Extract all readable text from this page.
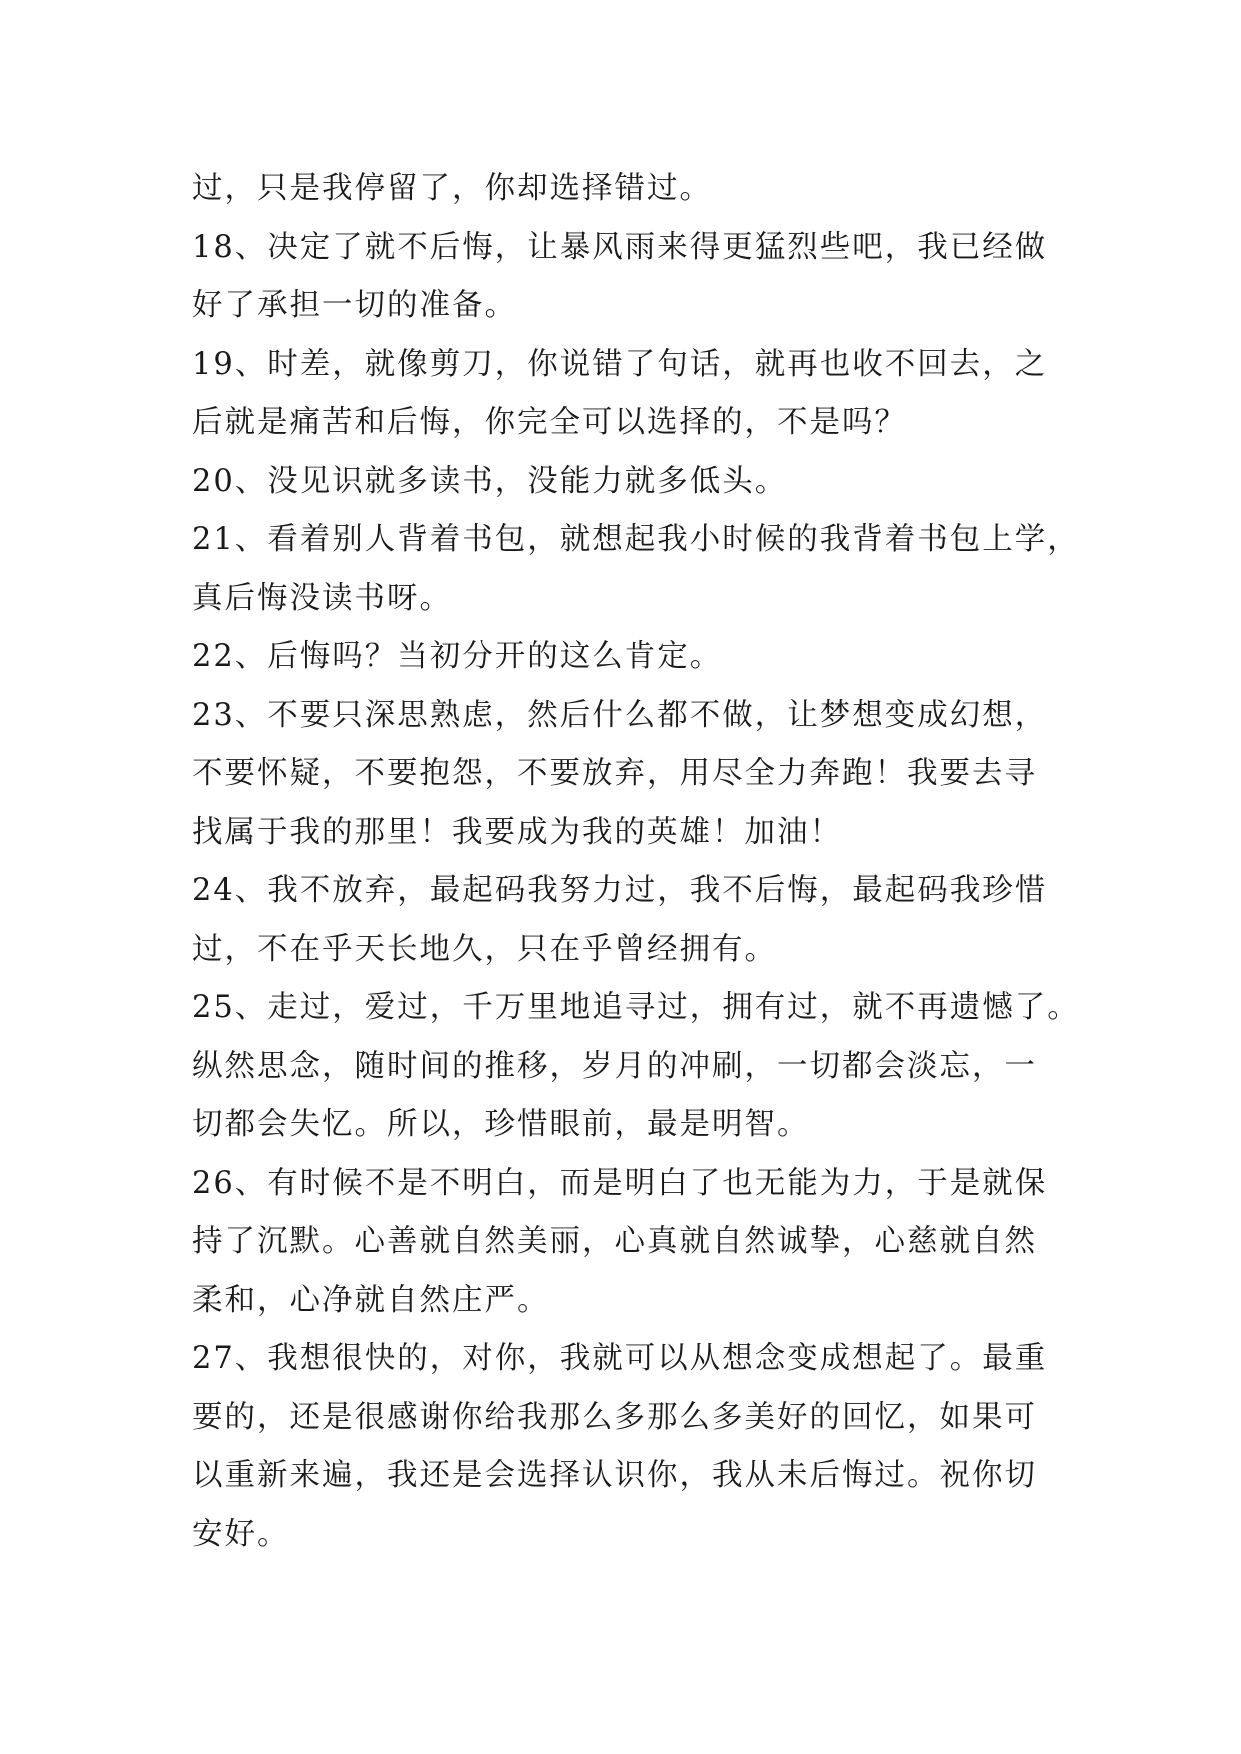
过，只是我停留了，你却选择错过。
18、决定了就不后悔，让暴风雨来得更猛烈些吧，我已经做
好了承担一切的准备。
19、时差，就像剪刀，你说错了句话，就再也收不回去，之
后就是痛苦和后悔，你完全可以选择的，不是吗？
20、没见识就多读书，没能力就多低头。
21、看着别人背着书包，就想起我小时候的我背着书包上学，
真后悔没读书呀。
22、后悔吗？当初分开的这么肯定。
23、不要只深思熟虑，然后什么都不做，让梦想变成幻想，
不要怀疑，不要抱怨，不要放弃，用尽全力奔跑！我要去寻
找属于我的那里！我要成为我的英雄！加油！
24、我不放弃，最起码我努力过，我不后悔，最起码我珍惜
过，不在乎天长地久，只在乎曾经拥有。
25、走过，爱过，千万里地追寻过，拥有过，就不再遗憾了。
纵然思念，随时间的推移，岁月的冲刷，一切都会淡忘，一
切都会失忆。所以，珍惜眼前，最是明智。
26、有时候不是不明白，而是明白了也无能为力，于是就保
持了沉默。心善就自然美丽，心真就自然诚挚，心慈就自然
柔和，心净就自然庄严。
27、我想很快的，对你，我就可以从想念变成想起了。最重
要的，还是很感谢你给我那么多那么多美好的回忆，如果可
以重新来遍，我还是会选择认识你，我从未后悔过。祝你切
安好。
